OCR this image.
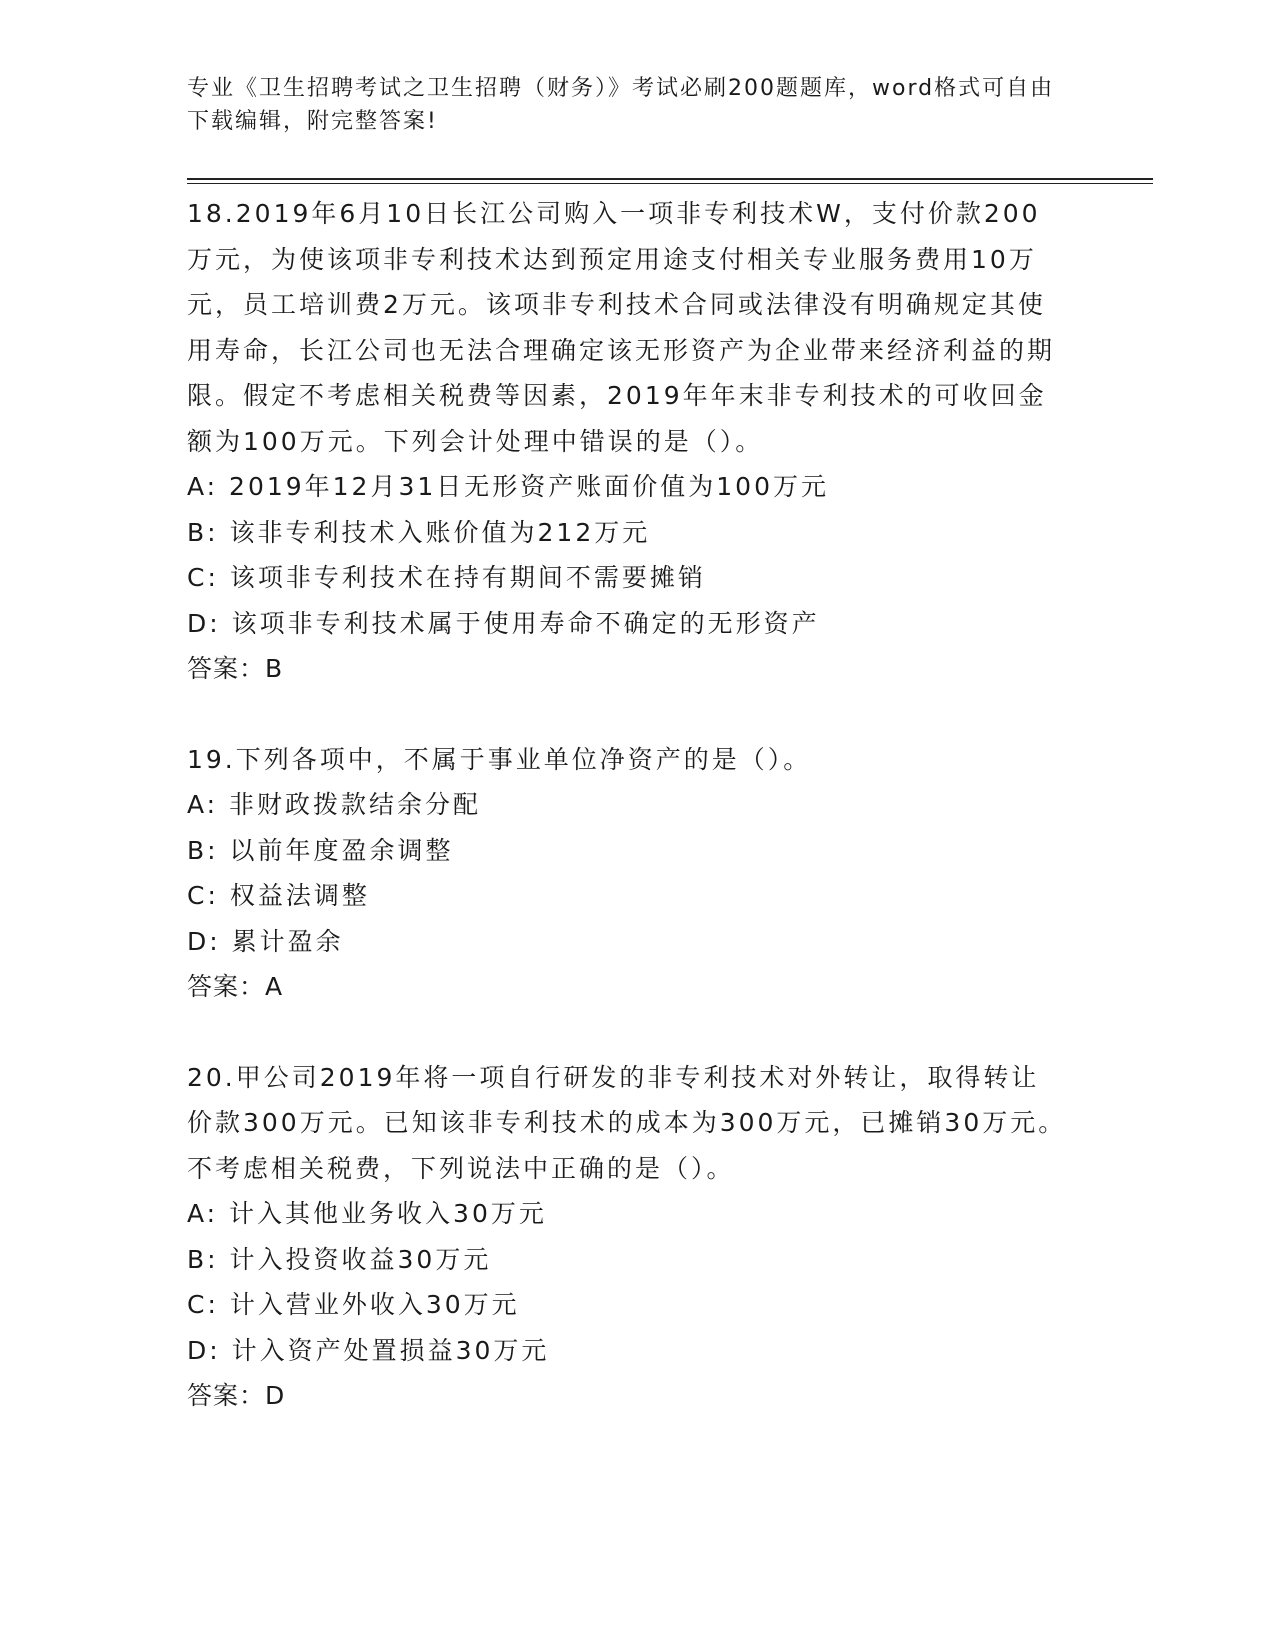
专业《卫生招聘考试之卫生招聘（财务）》考试必刷200题题库，word格式可自由下载编辑，附完整答案!

18.2019年6月10日长江公司购入一项非专利技术W，支付价款200万元，为使该项非专利技术达到预定用途支付相关专业服务费用10万元，员工培训费2万元。该项非专利技术合同或法律没有明确规定其使用寿命，长江公司也无法合理确定该无形资产为企业带来经济利益的期限。假定不考虑相关税费等因素，2019年年末非专利技术的可收回金额为100万元。下列会计处理中错误的是（）。

A: 2019年12月31日无形资产账面价值为100万元

B: 该非专利技术入账价值为212万元

C: 该项非专利技术在持有期间不需要摊销

D: 该项非专利技术属于使用寿命不确定的无形资产

答案：B

19.下列各项中，不属于事业单位净资产的是（）。

A: 非财政拨款结余分配

B: 以前年度盈余调整

C: 权益法调整

D: 累计盈余

答案：A

20.甲公司2019年将一项自行研发的非专利技术对外转让，取得转让价款300万元。已知该非专利技术的成本为300万元，已摊销30万元。不考虑相关税费，下列说法中正确的是（）。

A: 计入其他业务收入30万元

B: 计入投资收益30万元

C: 计入营业外收入30万元

D: 计入资产处置损益30万元

答案：D
